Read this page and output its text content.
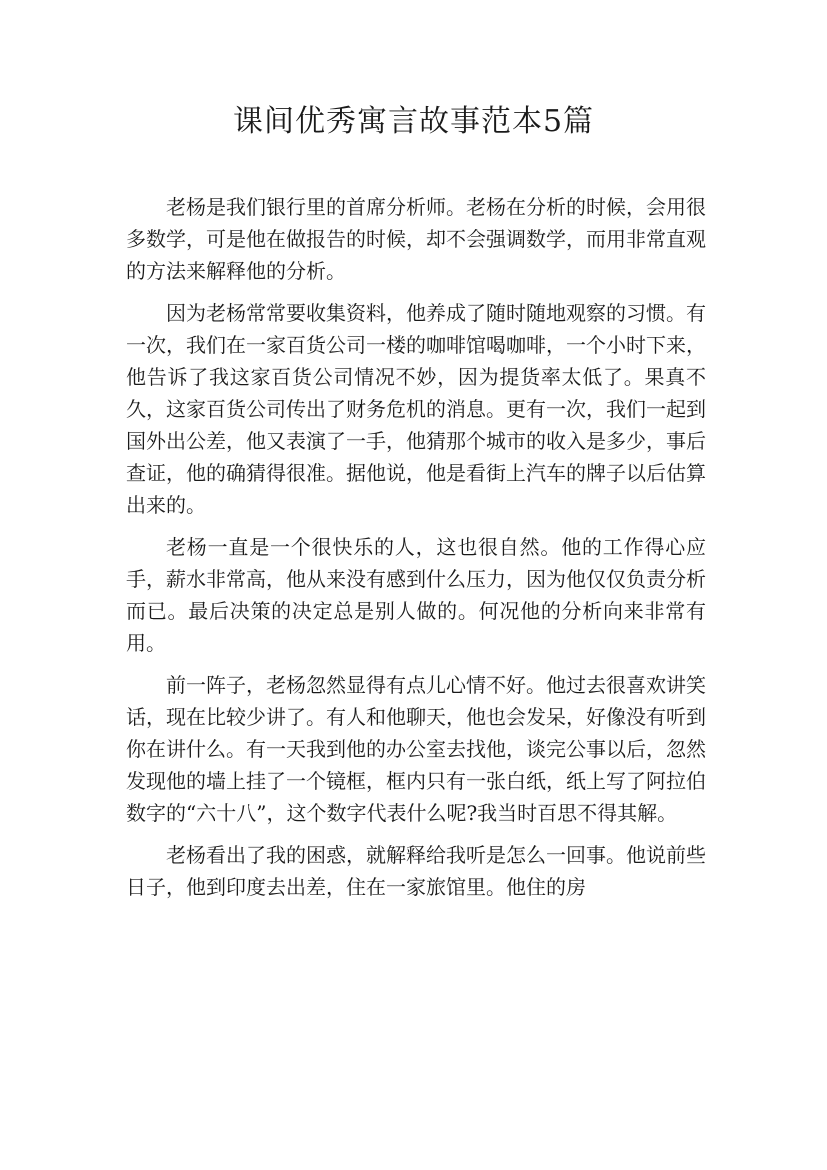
课间优秀寓言故事范本5篇

老杨是我们银行里的首席分析师。老杨在分析的时候，会用很多数学，可是他在做报告的时候，却不会强调数学，而用非常直观的方法来解释他的分析。

因为老杨常常要收集资料，他养成了随时随地观察的习惯。有一次，我们在一家百货公司一楼的咖啡馆喝咖啡，一个小时下来，他告诉了我这家百货公司情况不妙，因为提货率太低了。果真不久，这家百货公司传出了财务危机的消息。更有一次，我们一起到国外出公差，他又表演了一手，他猜那个城市的收入是多少，事后查证，他的确猜得很准。据他说，他是看街上汽车的牌子以后估算出来的。

老杨一直是一个很快乐的人，这也很自然。他的工作得心应手，薪水非常高，他从来没有感到什么压力，因为他仅仅负责分析而已。最后决策的决定总是别人做的。何况他的分析向来非常有用。

前一阵子，老杨忽然显得有点儿心情不好。他过去很喜欢讲笑话，现在比较少讲了。有人和他聊天，他也会发呆，好像没有听到你在讲什么。有一天我到他的办公室去找他，谈完公事以后，忽然发现他的墙上挂了一个镜框，框内只有一张白纸，纸上写了阿拉伯数字的“六十八”，这个数字代表什么呢?我当时百思不得其解。

老杨看出了我的困惑，就解释给我听是怎么一回事。他说前些日子，他到印度去出差，住在一家旅馆里。他住的房
